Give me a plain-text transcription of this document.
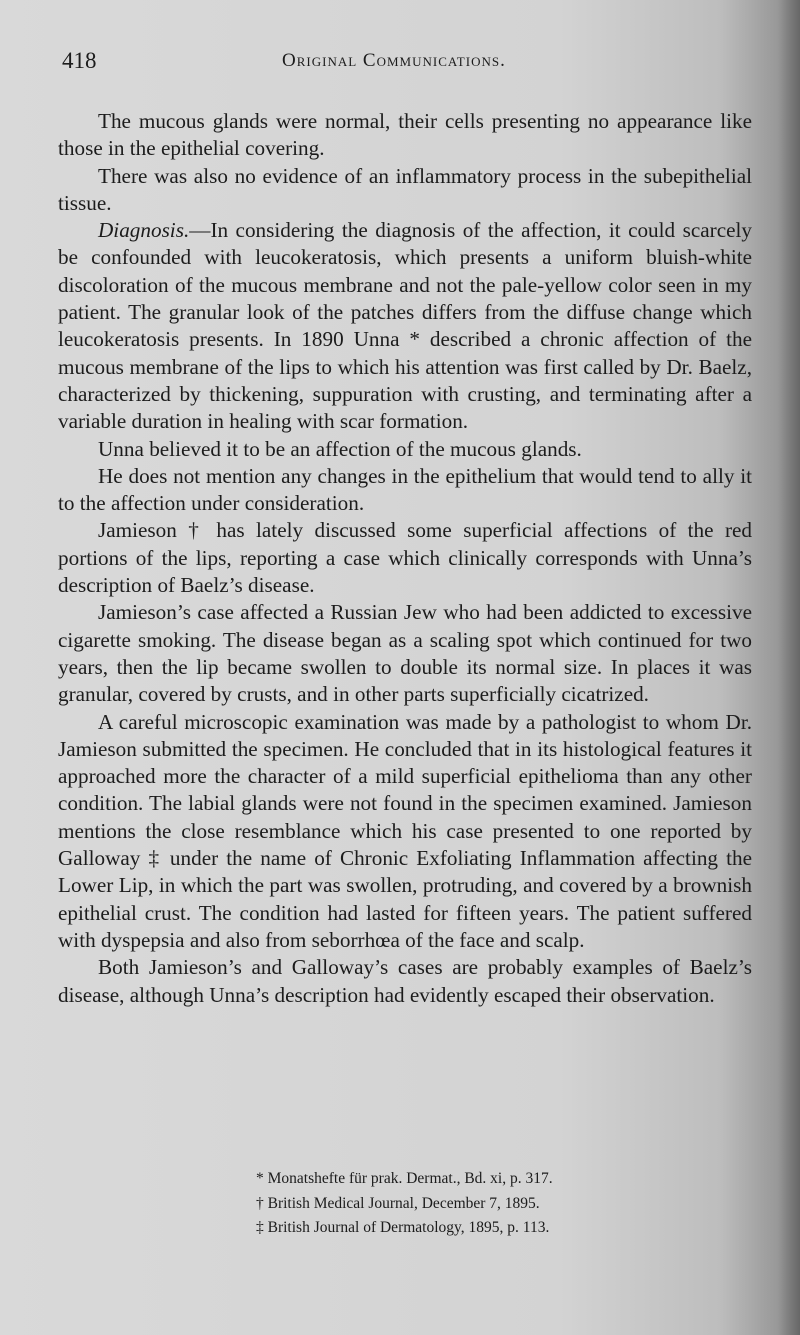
418	Original Communications.

The mucous glands were normal, their cells presenting no appearance like those in the epithelial covering.

There was also no evidence of an inflammatory process in the subepithelial tissue.

Diagnosis.—In considering the diagnosis of the affection, it could scarcely be confounded with leucokeratosis, which presents a uniform bluish-white discoloration of the mucous membrane and not the pale-yellow color seen in my patient. The granular look of the patches differs from the diffuse change which leucokeratosis presents. In 1890 Unna * described a chronic affection of the mucous membrane of the lips to which his attention was first called by Dr. Baelz, characterized by thickening, suppuration with crusting, and terminating after a variable duration in healing with scar formation.

Unna believed it to be an affection of the mucous glands.

He does not mention any changes in the epithelium that would tend to ally it to the affection under consideration.

Jamieson † has lately discussed some superficial affections of the red portions of the lips, reporting a case which clinically corresponds with Unna’s description of Baelz’s disease.

Jamieson’s case affected a Russian Jew who had been addicted to excessive cigarette smoking. The disease began as a scaling spot which continued for two years, then the lip became swollen to double its normal size. In places it was granular, covered by crusts, and in other parts superficially cicatrized.

A careful microscopic examination was made by a pathologist to whom Dr. Jamieson submitted the specimen. He concluded that in its histological features it approached more the character of a mild superficial epithelioma than any other condition. The labial glands were not found in the specimen examined. Jamieson mentions the close resemblance which his case presented to one reported by Galloway ‡ under the name of Chronic Exfoliating Inflammation affecting the Lower Lip, in which the part was swollen, protruding, and covered by a brownish epithelial crust. The condition had lasted for fifteen years. The patient suffered with dyspepsia and also from seborrhœa of the face and scalp.

Both Jamieson’s and Galloway’s cases are probably examples of Baelz’s disease, although Unna’s description had evidently escaped their observation.

* Monatshefte für prak. Dermat., Bd. xi, p. 317.
† British Medical Journal, December 7, 1895.
‡ British Journal of Dermatology, 1895, p. 113.
